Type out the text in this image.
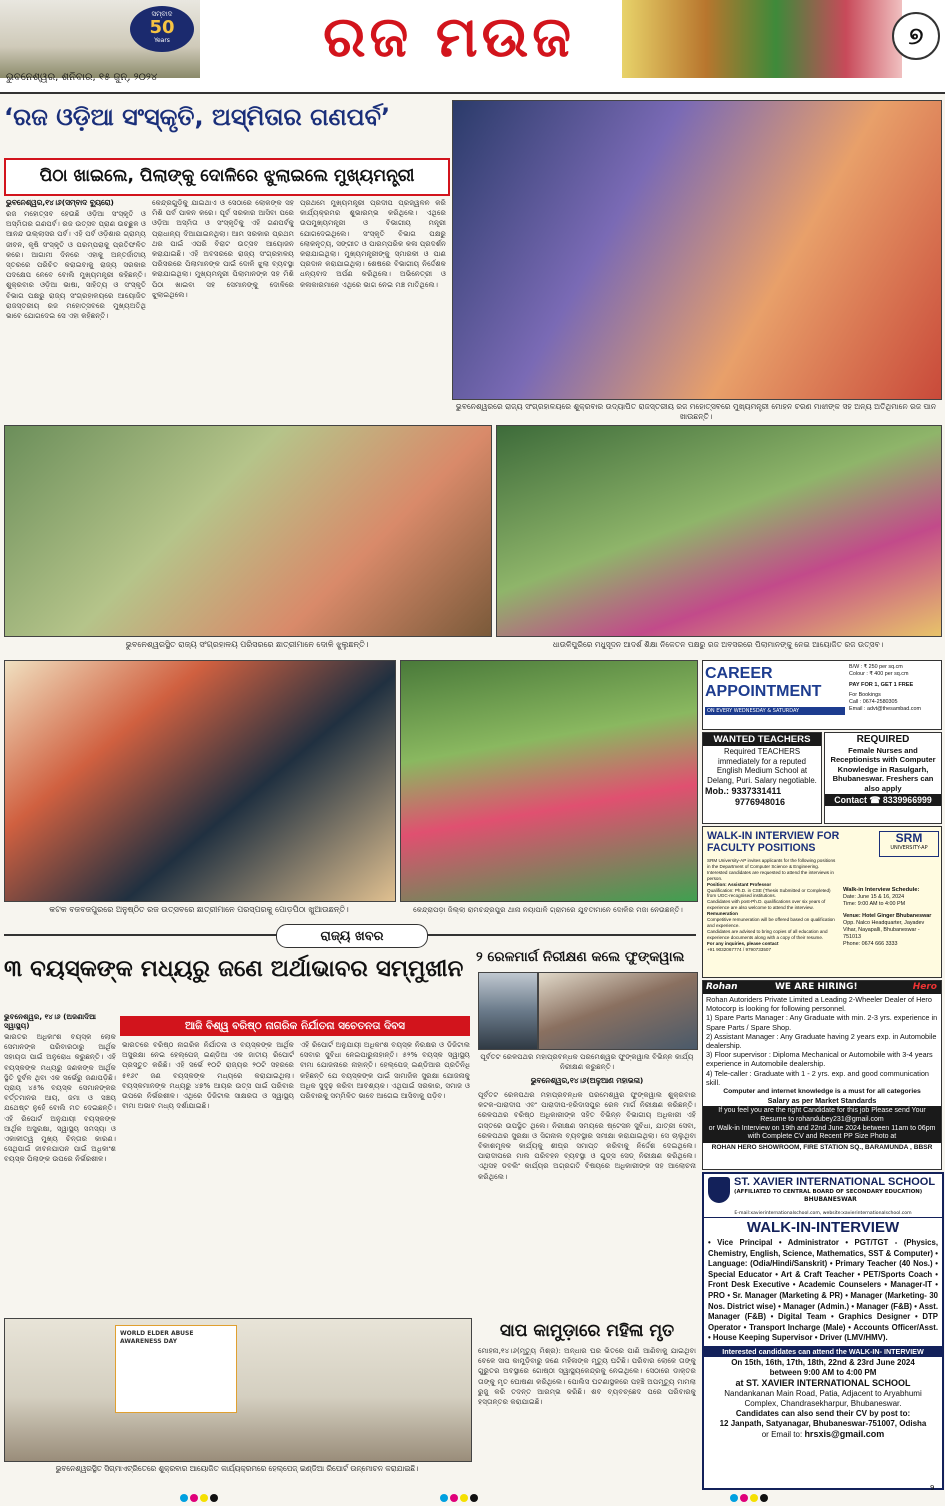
ସମ୍ବାଦ
50
Years	ରଜ ମଉଜ	୭
ଭୁବନେଶ୍ୱର, ଶନିବାର, ୧୫ ଜୁନ୍, ୨୦୨୪
‘ରଜ ଓଡ଼ିଆ ସଂସ୍କୃତି, ଅସ୍ମିତାର ଗଣପର୍ବ’
ପିଠା ଖାଇଲେ, ପିଲାଙ୍କୁ ଦୋଳିରେ ଝୁଲାଇଲେ ମୁଖ୍ୟମନ୍ତ୍ରୀ
ଭୁବନେଶ୍ୱର,୧୪।୬(ସମ୍ବାଦ ବ୍ୟୁରୋ)
ରଜ ମହୋତ୍ସବ ହେଉଛି ଓଡ଼ିଆ ସଂସ୍କୃତି ଓ ଅସ୍ମିତାର ଗଣପର୍ବ। ରଜ ଉତ୍ସବ ପ୍ରାଣ ଉଚ୍ଛୁଳ ଓ ଆନନ୍ଦ ଉଲ୍ଲାସର ପର୍ବ। ଏହି ପର୍ବ ଓଡ଼ିଶାର ଗ୍ରାମ୍ୟ ଜୀବନ, କୃଷି ସଂସ୍କୃତି ଓ ପରମ୍ପରାକୁ ପ୍ରତିଫଳିତ କରେ। ଆଗାମୀ ଦିନରେ ଏହାକୁ ଅନ୍ତର୍ଜାତୀୟ ସ୍ତରରେ ପରିଚିତ କରାଇବାକୁ ରାଜ୍ୟ ସରକାର ପଦକ୍ଷେପ ନେବେ ବୋଲି ମୁଖ୍ୟମନ୍ତ୍ରୀ କହିଛନ୍ତି। ଶୁକ୍ରବାର ଓଡ଼ିଆ ଭାଷା, ସାହିତ୍ୟ ଓ ସଂସ୍କୃତି ବିଭାଗ ପକ୍ଷରୁ ରାଜ୍ୟ ସଂଗ୍ରହାଳୟରେ ଆୟୋଜିତ ରାଜସ୍ତରୀୟ ରଜ ମହୋତ୍ସବରେ ମୁଖ୍ୟଅତିଥି ଭାବେ ଯୋଗଦେଇ ସେ ଏହା କହିଛନ୍ତି।
କେନ୍ଦ୍ରଗୁଡ଼ିକୁ ଯାଇଥାଏ ଓ ସେଠାରେ ଲୋକଙ୍କ ସହ ମିଶି ପର୍ବ ପାଳନ କରେ। ପୂର୍ବ ସରକାର ଆସିବା ପରେ ଓଡ଼ିଆ ଅସ୍ମିତା ଓ ସଂସ୍କୃତିକୁ ଏହି ଗଣପର୍ବକୁ ପ୍ରାଧାନ୍ୟ ଦିଆଯାଇନଥିଲା। ଆମ ସରକାର ପ୍ରଥମ ଥର ପାଇଁ ଏପରି ବିରାଟ ଉତ୍ସବ ଆୟୋଜନ କରାଯାଇଛି। ଏହି ଅବସରରେ ରାଜ୍ୟ ସଂଗ୍ରହାଳୟ ପରିସରରେ ପିଲାମାନଙ୍କ ପାଇଁ ଦୋଳି ଝୁଲା ବ୍ୟବସ୍ଥା କରାଯାଇଥିଲା। ମୁଖ୍ୟମନ୍ତ୍ରୀ ପିଲାମାନଙ୍କ ସହ ମିଶି ପିଠା ଖାଇବା ସହ ସେମାନଙ୍କୁ ଦୋଳିରେ ଝୁଲାଇଥିଲେ।
ପ୍ରଥମେ ମୁଖ୍ୟମନ୍ତ୍ରୀ ପ୍ରଦୀପ ପ୍ରଜ୍ୱଳନ କରି କାର୍ଯ୍ୟକ୍ରମର ଶୁଭାରମ୍ଭ କରିଥିଲେ। ଏଥିରେ ଉପମୁଖ୍ୟମନ୍ତ୍ରୀ ଓ ବିଭାଗୀୟ ମନ୍ତ୍ରୀ ଯୋଗଦେଇଥିଲେ। ସଂସ୍କୃତି ବିଭାଗ ପକ୍ଷରୁ ଲୋକନୃତ୍ୟ, ସଙ୍ଗୀତ ଓ ପାରମ୍ପରିକ କଳା ପ୍ରଦର୍ଶନ କରାଯାଇଥିଲା। ମୁଖ୍ୟମନ୍ତ୍ରୀଙ୍କୁ ସ୍ମାରକୀ ଓ ପାଣ ପ୍ରଦାନ କରାଯାଇଥିଲା। ଶେଷରେ ବିଭାଗୀୟ ନିର୍ଦ୍ଦେଶକ ଧନ୍ୟବାଦ ଅର୍ପଣ କରିଥିଲେ। ଅଭିନେତ୍ରୀ ଓ କଳାକାରମାନେ ଏଥିରେ ଭାଗ ନେଇ ମଞ୍ଚ ମାତିଥିଲେ।
ଭୁବନେଶ୍ୱରରେ ରାଜ୍ୟ ସଂଗ୍ରହାଳୟରେ ଶୁକ୍ରବାର ଉଦ୍ୟାପିତ ରାଜସ୍ତରୀୟ ରଜ ମହୋତ୍ସବରେ ମୁଖ୍ୟମନ୍ତ୍ରୀ ମୋହନ ଚରଣ ମାଝୀଙ୍କ ସହ ଅନ୍ୟ ଅତିଥିମାନେ ରଜ ପାନ ଖାଉଛନ୍ତି।
ଭୁବନେଶ୍ୱରସ୍ଥିତ ରାଜ୍ୟ ସଂଗ୍ରହାଳୟ ପରିସରରେ ଛାତ୍ରୀମାନେ ଦୋଳି ଝୁଲୁଛନ୍ତି।	ଧାଉଳିପୁରିରେ ମଧୁସୂଦନ ଆଦର୍ଶ ଶିକ୍ଷା ନିକେତନ ପକ୍ଷରୁ ରଜ ଅବସରରେ ପିଲାମାନଙ୍କୁ ନେଇ ଆୟୋଜିତ ରଜ ଉତ୍ସବ।
କଟକ ବଜବଜପୁରରେ ଅନୁଷ୍ଠିତ ରଜ ଉତ୍ସବରେ ଛାତ୍ରୀମାନେ ପରସ୍ପରକୁ ପୋଡ଼ପିଠା ଖୁଆଉଛନ୍ତି।	କେନ୍ଦ୍ରାପଡ଼ା ଜିଲ୍ଲା ରାମଚନ୍ଦ୍ରପୁର ଥାନା ନୟାପାଳି ଗ୍ରାମରେ ଯୁବତୀମାନେ ଦୋଳିର ମଜା ନେଉଛନ୍ତି।
CAREER
APPOINTMENT
ON EVERY WEDNESDAY & SATURDAY
B/W : ₹ 250 per sq.cm
Colour : ₹ 400 per sq.cm
PAY FOR 1, GET 1 FREE
For Bookings
Call : 0674-2580305
Email : advt@thesambad.com
WANTED TEACHERS
Required TEACHERS immediately for a reputed English Medium School at Delang, Puri. Salary negotiable.
Mob.: 9337331411
9776948016
REQUIRED
Female Nurses and Receptionists with Computer Knowledge in Rasulgarh, Bhubaneswar. Freshers can also apply
Contact ☎ 8339966999
WALK-IN INTERVIEW FOR FACULTY POSITIONS
SRM
UNIVERSITY-AP
SRM University-AP invites applicants for the following positions in the Department of Computer Science & Engineering. Interested candidates are requested to attend the interviews in person.
Position: Assistant Professor
Qualification: Ph.D. in CSE (Thesis Submitted or Completed) from UGC-recognised institutions.
Candidates with post-Ph.D. qualifications over six years of experience are also welcome to attend the interview.
Remuneration
Competitive remuneration will be offered based on qualification and experience.
Candidates are advised to bring copies of all education and experience documents along with a copy of their resume.
For any inquiries, please contact
+91 9032067774 / 9790733507
Walk-in Interview Schedule:
Date: June 15 & 16, 2024
Time: 9:00 AM to 4:00 PM
Venue: Hotel Ginger Bhubaneswar
Opp. Nalco Headquarter, Jayadev Vihar, Nayapalli, Bhubaneswar - 751013
Phone: 0674 666 3333
Rohan	WE ARE HIRING!	Hero
Rohan Autoriders Private Limited a Leading 2-Wheeler Dealer of Hero Motocorp is looking for following personnel.
1) Spare Parts Manager : Any Graduate with min. 2-3 yrs. experience in Spare Parts / Spare Shop.
2) Assistant Manager : Any Graduate having 2 years exp. in Automobile dealership.
3) Floor supervisor : Diploma Mechanical or Automobile with 3-4 years experience in Automobile dealership.
4) Tele-caller : Graduate with 1 - 2 yrs. exp. and good communication skill.
Computer and internet knowledge is a must for all categories
Salary as per Market Standards
If you feel you are the right Candidate for this job Please send Your Resume to rohandubey231@gmail.com
or Walk-in Interview on 19th and 22nd June 2024 between 11am to 06pm with Complete CV and Recent PP Size Photo at
ROHAN HERO SHOWROOM, FIRE STATION SQ., BARAMUNDA , BBSR
ST. XAVIER INTERNATIONAL SCHOOL
(AFFILIATED TO CENTRAL BOARD OF SECONDARY EDUCATION)
BHUBANESWAR
E-mail:xavierinternationalschool.com, website:xavierinternationalschool.com
WALK-IN-INTERVIEW
• Vice Principal • Administrator • PGT/TGT - (Physics, Chemistry, English, Science, Mathematics, SST & Computer) • Language: (Odia/Hindi/Sanskrit) • Primary Teacher (40 Nos.) • Special Educator • Art & Craft Teacher • PET/Sports Coach • Front Desk Executive • Academic Counselers • Manager-IT • PRO • Sr. Manager (Marketing & PR) • Manager (Marketing- 30 Nos. District wise) • Manager (Admin.) • Manager (F&B) • Asst. Manager (F&B) • Digital Team • Graphics Designer • DTP Operator • Transport Incharge (Male) • Accounts Officer/Asst. • House Keeping Supervisor • Driver (LMV/HMV).
Interested candidates can attend the WALK-IN- INTERVIEW
On 15th, 16th, 17th, 18th, 22nd & 23rd June 2024
between 9:00 AM to 4:00 PM
at ST. XAVIER INTERNATIONAL SCHOOL
Nandankanan Main Road, Patia, Adjacent to Aryabhumi Complex, Chandrasekharpur, Bhubaneswar.
Candidates can also send their CV by post to:
12 Janpath, Satyanagar, Bhubaneswar-751007, Odisha
or Email to: hrsxis@gmail.com
ରାଜ୍ୟ ଖବର
୩ ବୟସ୍କଙ୍କ ମଧ୍ୟରୁ ଜଣେ ଅର୍ଥାଭାବର ସମ୍ମୁଖୀନ
ଆଜି ବିଶ୍ୱ ବରିଷ୍ଠ ନାଗରିକ ନିର୍ଯାତନା ସଚେତନତା ଦିବସ
ଭୁବନେଶ୍ୱର, ୧୪।୬ (ଅଜଣାଦିଆ ସ୍ୱାସ୍ଥ୍ୟ)
ଭାରତର ଅଧିକାଂଶ ବୟସ୍କ ଲୋକ ସେମାନଙ୍କ ପରିବାରଠାରୁ ଆର୍ଥିକ ସହାୟତା ପାଇଁ ଅନୁରୋଧ କରୁଛନ୍ତି। ଏହି ବୟସ୍କଙ୍କ ମଧ୍ୟରୁ ଜଣକଙ୍କ ଆର୍ଥିକ ସ୍ଥିତି ଦୁର୍ବଳ ଥିବା ଏକ ସର୍ଭେରୁ ଜଣାପଡ଼ିଛି। ପ୍ରାୟ ୪୫% ବୟସ୍କ ସେମାନଙ୍କର ବର୍ତ୍ତମାନର ଆୟ, ଜମା ଓ ସଞ୍ଚୟ ଯଥେଷ୍ଟ ନୁହେଁ ବୋଲି ମତ ଦେଇଛନ୍ତି। ଏହି ରିପୋର୍ଟ ଅନୁଯାୟୀ ବୟସ୍କଙ୍କ ଆର୍ଥିକ ଅସୁରକ୍ଷା, ସ୍ୱାସ୍ଥ୍ୟ ସମସ୍ୟା ଓ ଏକାକୀତ୍ୱ ମୁଖ୍ୟ ଚିନ୍ତାର କାରଣ। ସେଥିପାଇଁ ଜୀବନଯାପନ ପାଇଁ ଅଧିକାଂଶ ବୟସ୍କ ପିଲାଙ୍କ ଉପରେ ନିର୍ଭରଶୀଳ।
ଭାରତରେ ବରିଷ୍ଠ ନାଗରିକ ନିର୍ଯାତନା ଓ ବୟସ୍କଙ୍କ ଆର୍ଥିକ ଅସୁରକ୍ଷା ନେଇ ହେଲ୍ପେଜ୍ ଇଣ୍ଡିଆ ଏକ ଜାତୀୟ ରିପୋର୍ଟ ପ୍ରସ୍ତୁତ କରିଛି। ଏହି ସର୍ଭେ ୧୦ଟି ରାଜ୍ୟର ୨୦ଟି ସହରରେ ୫୧୬୯ ଜଣ ବୟସ୍କଙ୍କ ମଧ୍ୟରେ କରାଯାଇଥିଲା। ବୟସ୍କମାନଙ୍କ ମଧ୍ୟରୁ ୪୭% ଆୟର ଉତ୍ସ ପାଇଁ ପରିବାର ଉପରେ ନିର୍ଭରଶୀଳ। ଏଥିରେ ଡିଜିଟାଲ ସାକ୍ଷରତା ଓ ସ୍ୱାସ୍ଥ୍ୟ ବୀମା ଅଭାବ ମଧ୍ୟ ଦର୍ଶାଯାଇଛି।
ଏହି ରିପୋର୍ଟ ଅନୁଯାୟୀ ଅଧିକାଂଶ ବୟସ୍କ ନିରକ୍ଷର ଓ ଡିଜିଟାଲ ସେବାର ସୁବିଧା ନେଇପାରୁନାହାନ୍ତି। ୫୨% ବୟସ୍କ ସ୍ୱାସ୍ଥ୍ୟ ବୀମା ଯୋଜନାରେ ନାହାନ୍ତି। ହେଲ୍ପେଜ୍ ଇଣ୍ଡିଆର ପ୍ରତିନିଧି କହିଛନ୍ତି ଯେ ବୟସ୍କଙ୍କ ପାଇଁ ସାମାଜିକ ସୁରକ୍ଷା ଯୋଜନାକୁ ଅଧିକ ସୁଦୃଢ଼ କରିବା ଆବଶ୍ୟକ। ଏଥିପାଇଁ ସରକାର, ସମାଜ ଓ ପରିବାରକୁ ସମ୍ମିଳିତ ଭାବେ ଆଗେଇ ଆସିବାକୁ ପଡ଼ିବ।
୨ ରେଳମାର୍ଗ ନିରୀକ୍ଷଣ କଲେ ଫୁଙ୍କୱାଲ
ପୂର୍ବତଟ ରେଳପଥର ମହାପ୍ରବନ୍ଧକ ପରମେଶ୍ୱର ଫୁଙ୍କୱାଲ ବିଭିନ୍ନ କାର୍ଯ୍ୟ ନିରୀକ୍ଷଣ କରୁଛନ୍ତି।
ଭୁବନେଶ୍ୱର,୧୪।୬(ଅଳୁଆଣ ମହାଭଳା)
ପୂର୍ବତଟ ରେଳପଥର ମହାପ୍ରବନ୍ଧକ ପରମେଶ୍ୱର ଫୁଙ୍କୱାଲ ଶୁକ୍ରବାର କଟକ-ପାରାଦୀପ ଏବଂ ପାରାଦୀପ-ହରିଦାସପୁର ରେଳ ମାର୍ଗ ନିରୀକ୍ଷଣ କରିଛନ୍ତି। ରେଳପଥର ବରିଷ୍ଠ ଅଧିକାରୀଙ୍କ ସହିତ ବିଭିନ୍ନ ବିଭାଗୀୟ ଅଧିକାରୀ ଏହି ଗସ୍ତରେ ଉପସ୍ଥିତ ଥିଲେ। ନିରୀକ୍ଷଣ ସମୟରେ ଷ୍ଟେସନ ସୁବିଧା, ଯାତ୍ରୀ ସେବା, ରେଳପଥର ସୁରକ୍ଷା ଓ ସିଗନାଲ ବ୍ୟବସ୍ଥାର ସମୀକ୍ଷା କରାଯାଇଥିଲା। ସେ ଚାଲୁଥିବା ବିକାଶମୂଳକ କାର୍ଯ୍ୟକୁ ଶୀଘ୍ର ସମାପ୍ତ କରିବାକୁ ନିର୍ଦ୍ଦେଶ ଦେଇଥିଲେ। ପାରାଦୀପରେ ମାଲ ପରିବହନ ବ୍ୟବସ୍ଥା ଓ ଗୁଡ୍ସ ସେଡ୍ ନିରୀକ୍ଷଣ କରିଥିଲେ। ଏଥିସହ ଡବଲିଂ କାର୍ଯ୍ୟର ଅଗ୍ରଗତି ବିଷୟରେ ଅଧିକାରୀଙ୍କ ସହ ଆଲୋଚନା କରିଥିଲେ।
ସାପ କାମୁଡ଼ାରେ ମହିଳା ମୃତ
ମୋହନା,୧୪।୬(ମୃତ୍ୟୁ ମିଶ୍ର): ଅନ୍ଧାର ଘର ଭିତରେ ପାଣି ଆଣିବାକୁ ଯାଇଥିବା ବେଳେ ସାପ କାମୁଡ଼ିବାରୁ ଜଣେ ମହିଳାଙ୍କ ମୃତ୍ୟୁ ଘଟିଛି। ପରିବାର ଲୋକେ ତାଙ୍କୁ ଗୁରୁତର ଅବସ୍ଥାରେ ଗୋଷ୍ଠୀ ସ୍ୱାସ୍ଥ୍ୟକେନ୍ଦ୍ରକୁ ନେଇଥିଲେ। ସେଠାରେ ଡାକ୍ତର ତାଙ୍କୁ ମୃତ ଘୋଷଣା କରିଥିଲେ। ପୋଲିସ ଘଟଣାସ୍ଥଳରେ ପହଞ୍ଚି ଅପମୃତ୍ୟୁ ମାମଲା ରୁଜୁ କରି ତଦନ୍ତ ଆରମ୍ଭ କରିଛି। ଶବ ବ୍ୟବଚ୍ଛେଦ ପରେ ପରିବାରକୁ ହସ୍ତାନ୍ତର କରାଯାଇଛି।
WORLD ELDER ABUSE AWARENESS DAY
ଭୁବନେଶ୍ୱରସ୍ଥିତ ସିଗ୍ମାଏଟ୍ରିତେରେ ଶୁକ୍ରବାର ଆୟୋଜିତ କାର୍ଯ୍ୟକ୍ରମରେ ହେଲ୍ପେଜ୍ ଇଣ୍ଡିଆ ରିପୋର୍ଟ ଉନ୍ମୋଚନ କରାଯାଇଛି।
9
